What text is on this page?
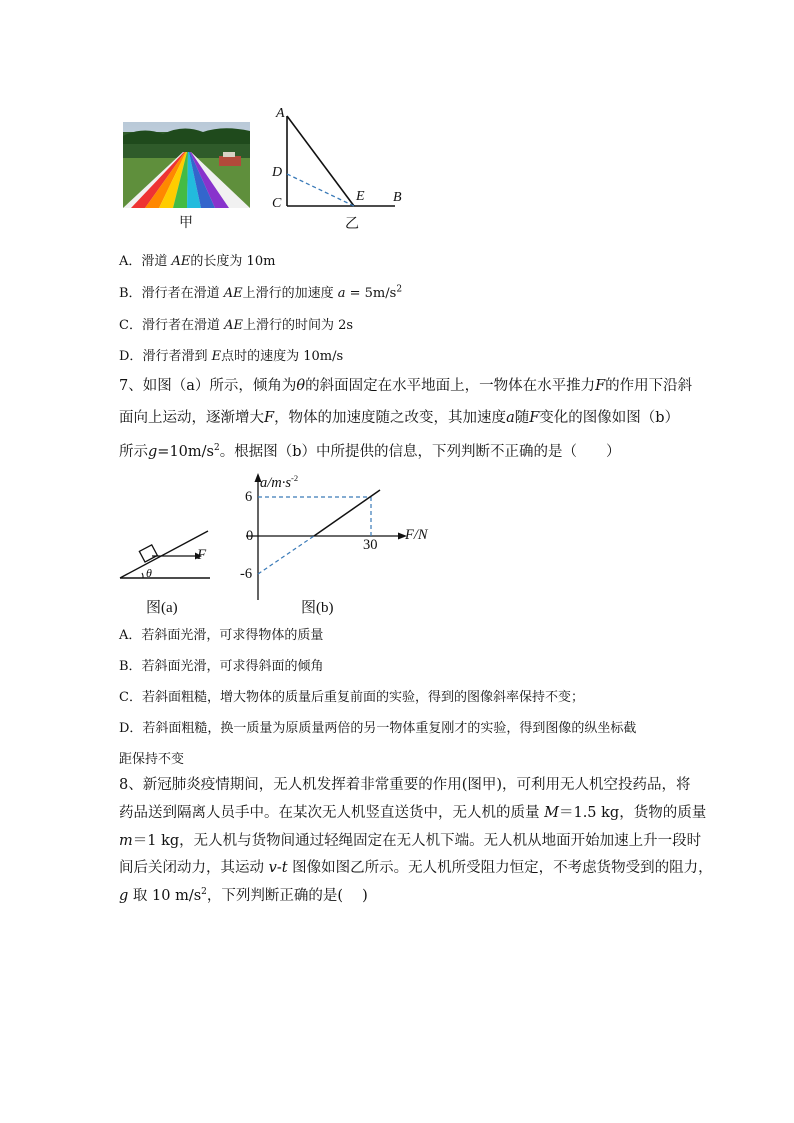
甲
A
D
C	E B
乙
A．滑道 AE的长度为 10m
B．滑行者在滑道 AE上滑行的加速度 $a = 5m/s^2$
C．滑行者在滑道 AE上滑行的时间为 2s
D．滑行者滑到 E点时的速度为 10m/s
7、如图（a）所示，倾角为θ的斜面固定在水平地面上，一物体在水平推力F的作用下沿斜
面向上运动，逐渐增大F，物体的加速度随之改变，其加速度a随F变化的图像如图（b）
所示$g=10m/s^2$。根据图（b）中所提供的信息，下列判断不正确的是（　　）
F
θ
图(a)
$a/m\cdot s^{-2}$
6
0
-6
30
F/N
图(b)
A．若斜面光滑，可求得物体的质量
B．若斜面光滑，可求得斜面的倾角
C．若斜面粗糙，增大物体的质量后重复前面的实验，得到的图像斜率保持不变；
D．若斜面粗糙，换一质量为原质量两倍的另一物体重复刚才的实验，得到图像的纵坐标截
距保持不变
8、新冠肺炎疫情期间，无人机发挥着非常重要的作用(图甲)，可利用无人机空投药品，将
药品送到隔离人员手中。在某次无人机竖直送货中，无人机的质量 M＝1.5 kg，货物的质量
m＝1 kg，无人机与货物间通过轻绳固定在无人机下端。无人机从地面开始加速上升一段时
间后关闭动力，其运动 v-t 图像如图乙所示。无人机所受阻力恒定，不考虑货物受到的阻力，
g 取 10 $m/s^2$，下列判断正确的是(　 )
